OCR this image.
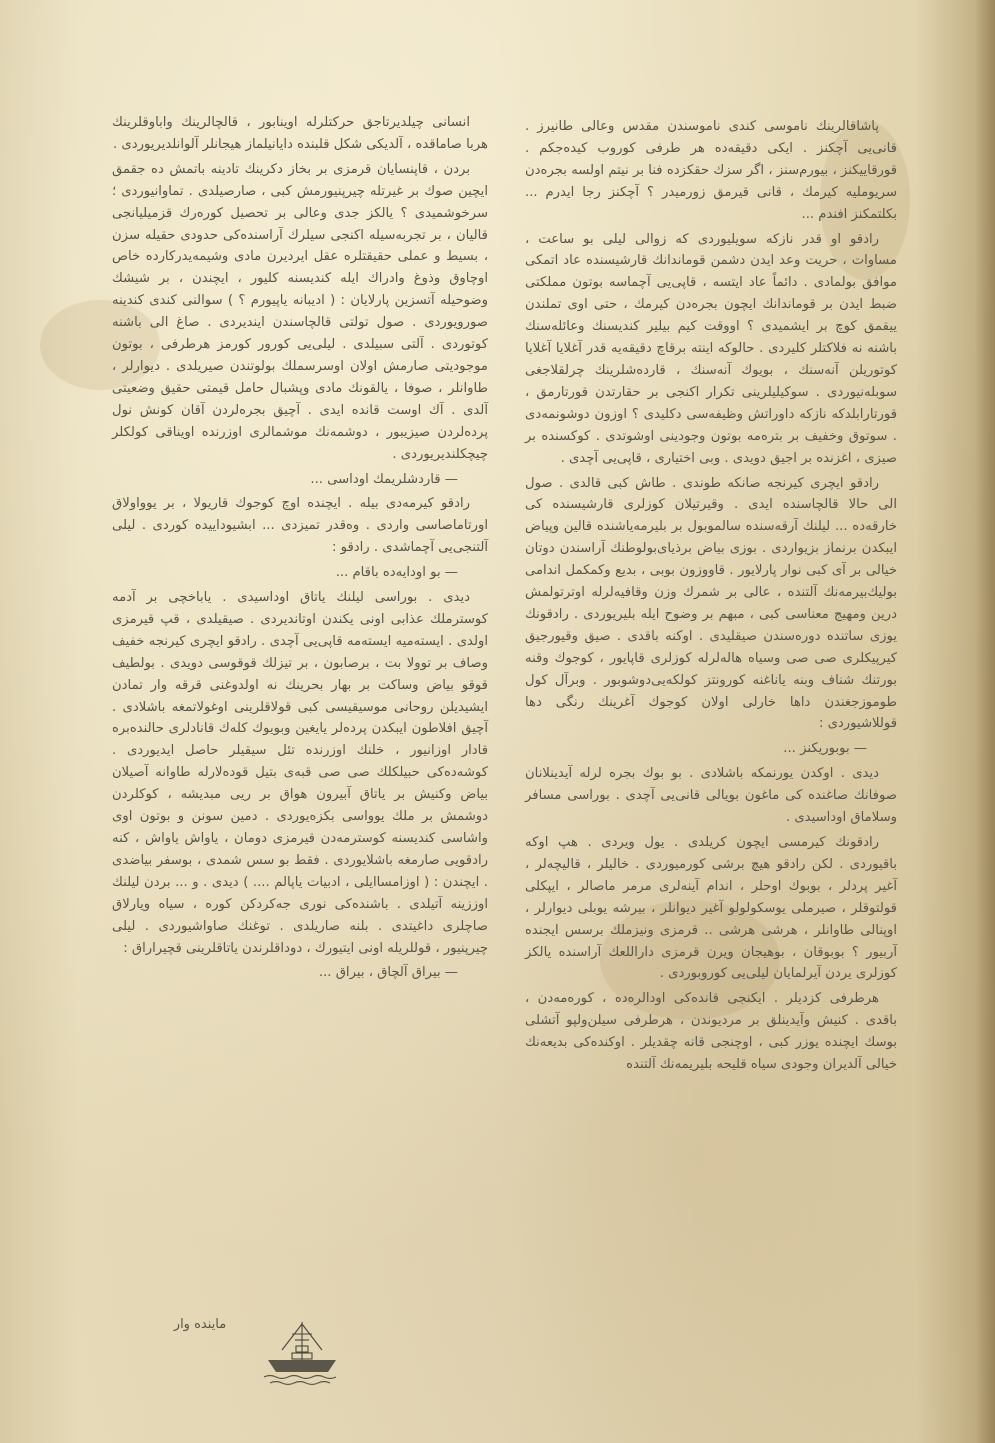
پاشاقالرینك ناموسی كندی ناموسندن مقدس وعالی طانیرز . قانی‌یی آچكنز . ایكی دقیقه‌ده هر طرفی كوروب كیده‌جكم . قورقاییكنز ، بیورم‌سنز ، اگر سزك حقكزده فنا بر نیتم اولسه بجره‌دن سریوملیه كیرمك ، قانی قیرمق زورمیدر ؟ آچكنز رجا ایدرم ... بكلتمكنز افندم ...

رادقو او قدر نازكه سویلیوردی كه زوالی لیلی بو ساعت ، مساوات ، حریت وعد ایدن دشمن قوماندانك قارشیسنده عاد اتمكی موافق بولمادی . دائماً عاد ایتسه ، قاپی‌یی آچماسه بوتون مملكتی ضبط ایدن بر قوماندانك ایچون بجره‌دن كیرمك ، حتی اوی تملندن ییقمق كوچ بر ایشمیدی ؟ اووقت كیم بیلیر كندیسنك وعائله‌سنك باشنه نه فلاكتلر كلیردی . حالوكه اینته برقاچ دقیقه‌یه قدر آغلایا آغلایا كوتوریلن آنه‌سنك ، بویوك آنه‌سنك ، قارده‌شلرینك چرلقلاجغی سوبله‌نیوردی . سوكیلیلرینی تكرار اكنجی بر حقارتدن قورتارمق ، قورتارابلدكه نازكه داوراتش وظیفه‌سی دكلیدی ؟ اوزون دوشونمه‌دی . سوتوق وخفیف بر بتره‌مه بوتون وجودینی اوشوتدی . كوكسنده بر صیزی ، اغزنده بر اجیق دویدی . وبی اختیاری ، قاپی‌یی آچدی .

رادقو ایچری كیرنجه صانكه طوندی . طاش كبی قالدی . صول الی حالا قالچاسنده ایدی . وقیرتیلان كوزلری قارشیسنده كی خارقه‌ده ... لیلنك آرقه‌سنده سالموبول بر بلیرمه‌یاشنده قالین وپیاض ایبكدن برنماز بزیواردی . بوزی بیاض برذیای‌بولوطنك آراسندن دوتان خیالی بر آی كبی نوار پارلایور . قاووزون بوبی ، بدیع وكمكمل اندامی بولیك‌بیرمه‌نك آلتنده ، عالی بر شمرك وزن وقافیه‌لرله اوترتولمش درین ومهیج معناسی كبی ، مبهم بر وضوح ایله بلیریوردی . رادقونك یوزی ساتنده دوره‌سندن صیقلیدی . اوكنه باقدی . صیق وقیورجیق كیرپیكلری صی صی وسیاه هاله‌لرله كوزلری قاپایور ، كوجوك وقنه بورتنك شناف وبنه یاناغنه كورونتز كولكه‌یی‌دوشوبور . وبرآل كول طوموز‌جغندن داها خارلی اولان كوجوك آغرینك رنگی دها قوللاشیوردی :

— بوبوریكنز ...

دیدی . اوكدن یورنمكه باشلادی . بو بوك بجره لرله آیدینلانان صوفانك صاغنده كی ماغون بویالی قانی‌یی آچدی . بوراسی مسافر وسلاماق اوداسیدی .

رادقونك كیرمسی ایچون كریلدی . یول ویردی . هپ اوكه باقیوردی . لكن رادقو هیچ برشی كورمیوردی . خالیلر ، قالیچه‌لر ، آغیر پردلر ، بوبوك اوحلر ، اندام آینه‌لری مرمر ماصالر ، ایپكلی قولتوقلر ، صیرملی یوسكولولو آغیر دیوانلر ، بیرشه یوبلی دیوارلر ، اوپنالی طاوانلر ، هرشی هرشی .. قرمزی ونیزملك برسس ایجنده آربیور ؟ بوبوقان ، بوهیجان ویرن قرمزی داراللعك آراسنده یالكز كوزلری یردن آیرلمایان لیلی‌یی كوروبوردی .

هرطرفی كزدیلر . ایكنجی قانده‌كی اودالره‌ده ، كوره‌مه‌دن ، باقدی . كنیش وآیدینلق بر مردیوندن ، هرطرفی سیلن‌ولپو آتشلی بوسك ایچنده یوزر كبی ، اوچنجی قانه چقدیلر . اوكنده‌كی بدیعه‌نك خیالی آلدیران وجودی سیاه قلیحه بلیریمه‌نك آلتنده

انسانی چیلدیرتاجق حركتلرله اوینابور ، قالچالرینك واباوقلرینك هربا صاماقده ، آلدیكی شكل قلبنده دایانیلماز هیجانلر آلوانلدیریوردی .

بردن ، قاپنسایان قرمزی بر بخاز دكرینك تادینه باتمش ده جقمق ایچین صوك بر غیرتله چیرپنیورمش كبی ، صارصیلدی . تماوانیوردی ؛ سرخوشمیدی ؟ یالكز جدی وعالی بر تحصیل كوره‌رك قزمیلیانجی قالیان ، بر تجربه‌سیله اكنجی سیلرك آراسنده‌كی حدودی حقیله سزن ، بسیط و عملی حقیقتلره عقل ایردیرن مادی وشیمه‌یدركارده خاص اوچاوق وذوغ وادراك ایله كندیسنه كلیور ، ایچندن ، بر شیشك وضوحیله آتسزین پارلایان : ( ادیبانه یاپیورم ؟ ) سوالنی كندی كندینه صورویوردی . صول تولتی قالچاسندن ایندیردی . صاغ الی باشنه كوتوردی . آلتی سبیلدی . لیلی‌یی كورور كورمز هرطرفی ، بوتون موجودیتی صارمش اولان اوسرسملك بولوتندن صیریلدی . دیوارلر ، طاوانلر ، صوفا ، یالقونك مادی وپشبال حامل قیمتی حقیق وضعیتی آلدی . آك اوست قانده ایدی . آچیق بجره‌لردن آقان كونش نول پرده‌لردن صیزیبور ، دوشمه‌نك موشمالری اوزرنده اویناقی كولكلر چیچكلندیریوردی .

— قاردشلریمك اوداسی ...

رادقو كیرمه‌دی بیله . ایچنده اوچ كوجوك قاریولا ، بر یوواولاق اورتاماصاسی واردی . وه‌قدر تمیزدی ... ابشیوداییده كوردی . لیلی آلتنجی‌یی آچماشدی . رادقو :

— بو اودایه‌ده باقام ...

دیدی . بوراسی لیلنك یاتاق اوداسیدی . یاباخچی بر آدمه كوسترملك عذابی اونی یكندن اوتاندیردی . صیقیلدی ، قپ قیرمزی اولدی . ایسته‌میه ایسته‌مه قاپی‌یی آچدی . رادقو ایچری كیرنجه خفیف وصاف بر توولا بت ، برصابون ، بر تیزلك قوقوسی دویدی . بولطیف قوقو بیاض وساكت بر بهار بحرینك نه اولدوغنی قرقه وار تمادن ایشیدیلن روحانی موسیقیسی كبی قولاقلرینی اوغولاتمغه باشلادی . آچیق افلاطون ایبكدن پرده‌لر یایغین وبویوك كله‌ك قانادلری حالنده‌بره قادار اوزانیور ، خلنك اوزرنده تئل سیقیلر حاصل ایدیوردی . كوشه‌ده‌كی حبیلكلك صی صی قبه‌ی بتیل قوده‌لارله طاوانه آصیلان بیاض وكنیش بر یاتاق آبیرون هواق بر ریی مبدیشه ، كوكلردن دوشمش بر ملك یوواسی بكزه‌یوردی . دمین سونن و بوتون اوی واشاسی كندیسنه كوسترمه‌دن قیرمزی دومان ، یاواش یاواش ، كنه رادقو‌یی صارمغه باشلایوردی . فقط بو سس شمدی ، بوسفر بیاضدی . ایچندن : ( اوزامساایلی ، ادبیات یاپالم .... ) دیدی . و ... بردن لیلنك اوززینه آتیلدی . باشنده‌كی نوری جه‌كردكن كوره ، سیاه ویارلاق صاچلری داغیتدی . بلنه صاریلدی . توغنك صاواشیوردی . لیلی چیرپنیور ، قوللریله اونی ایتیورك ، دوداقلرندن یاتاقلرینی قچیراراق :

— بیراق آلچاق ، بیراق ...

ماینده وار
